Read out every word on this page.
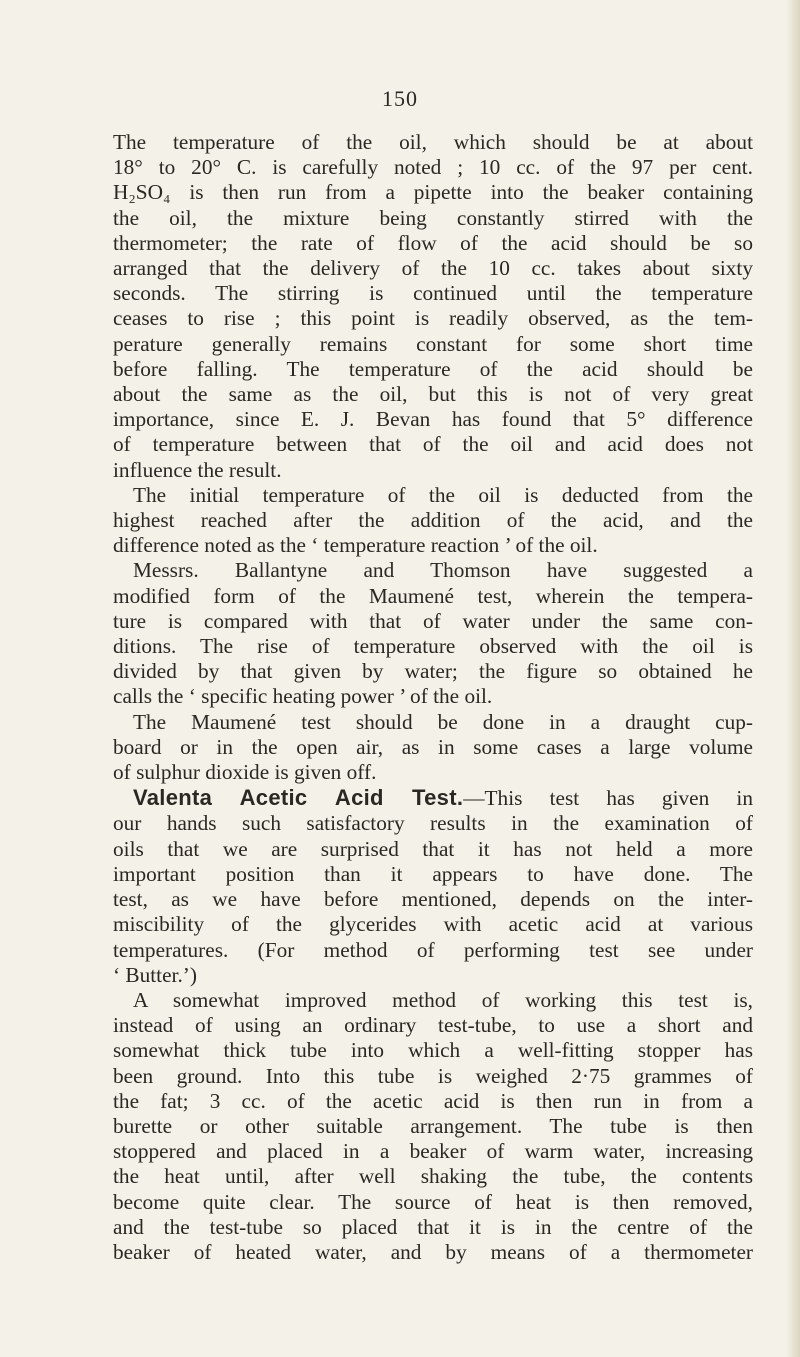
150
The temperature of the oil, which should be at about
18° to 20° C. is carefully noted ; 10 cc. of the 97 per cent.
H₂SO₄ is then run from a pipette into the beaker containing
the oil, the mixture being constantly stirred with the
thermometer; the rate of flow of the acid should be so
arranged that the delivery of the 10 cc. takes about sixty
seconds. The stirring is continued until the temperature
ceases to rise ; this point is readily observed, as the tem-
perature generally remains constant for some short time
before falling. The temperature of the acid should be
about the same as the oil, but this is not of very great
importance, since E. J. Bevan has found that 5° difference
of temperature between that of the oil and acid does not
influence the result.
The initial temperature of the oil is deducted from the
highest reached after the addition of the acid, and the
difference noted as the ‘ temperature reaction ’ of the oil.
Messrs. Ballantyne and Thomson have suggested a
modified form of the Maumené test, wherein the tempera-
ture is compared with that of water under the same con-
ditions. The rise of temperature observed with the oil is
divided by that given by water; the figure so obtained he
calls the ‘ specific heating power ’ of the oil.
The Maumené test should be done in a draught cup-
board or in the open air, as in some cases a large volume
of sulphur dioxide is given off.
Valenta Acetic Acid Test.—This test has given in
our hands such satisfactory results in the examination of
oils that we are surprised that it has not held a more
important position than it appears to have done. The
test, as we have before mentioned, depends on the inter-
miscibility of the glycerides with acetic acid at various
temperatures. (For method of performing test see under
‘ Butter.’)
A somewhat improved method of working this test is,
instead of using an ordinary test-tube, to use a short and
somewhat thick tube into which a well-fitting stopper has
been ground. Into this tube is weighed 2·75 grammes of
the fat; 3 cc. of the acetic acid is then run in from a
burette or other suitable arrangement. The tube is then
stoppered and placed in a beaker of warm water, increasing
the heat until, after well shaking the tube, the contents
become quite clear. The source of heat is then removed,
and the test-tube so placed that it is in the centre of the
beaker of heated water, and by means of a thermometer
